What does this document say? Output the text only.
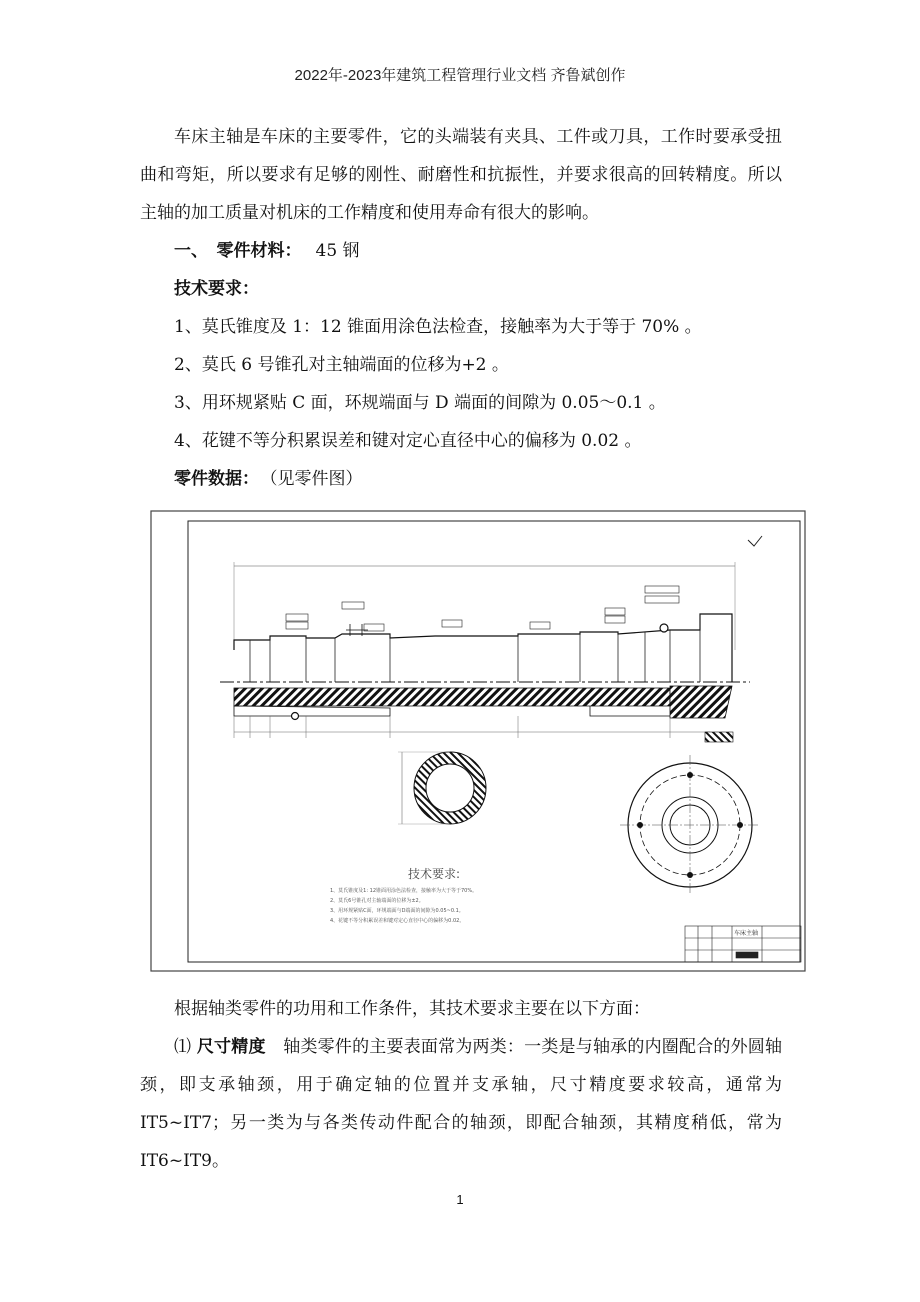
2022年-2023年建筑工程管理行业文档 齐鲁斌创作

车床主轴是车床的主要零件，它的头端装有夹具、工件或刀具，工作时要承受扭曲和弯矩，所以要求有足够的刚性、耐磨性和抗振性，并要求很高的回转精度。所以主轴的加工质量对机床的工作精度和使用寿命有很大的影响。

一、　零件材料： 45 钢

技术要求：

1、莫氏锥度及 1：12 锥面用涂色法检查，接触率为大于等于 70% 。

2、莫氏 6 号锥孔对主轴端面的位移为+2 。

3、用环规紧贴 C 面，环规端面与 D 端面的间隙为 0.05～0.1 。

4、花键不等分积累误差和键对定心直径中心的偏移为 0.02 。

零件数据： （见零件图）

技术要求:
1、莫氏锥度及1: 12锥面用涂色法检查，接触率为大于等于70%。
2、莫氏6号锥孔对主轴端面的位移为±2。
3、用环规紧贴C面，环规端面与D端面的间隙为0.05~0.1。
4、花键不等分积累误差和键对定心直径中心的偏移为0.02。
车床主轴

根据轴类零件的功用和工作条件，其技术要求主要在以下方面：

⑴ 尺寸精度 轴类零件的主要表面常为两类：一类是与轴承的内圈配合的外圆轴颈，即支承轴颈，用于确定轴的位置并支承轴，尺寸精度要求较高，通常为 IT5~IT7；另一类为与各类传动件配合的轴颈，即配合轴颈，其精度稍低，常为 IT6~IT9。

1
